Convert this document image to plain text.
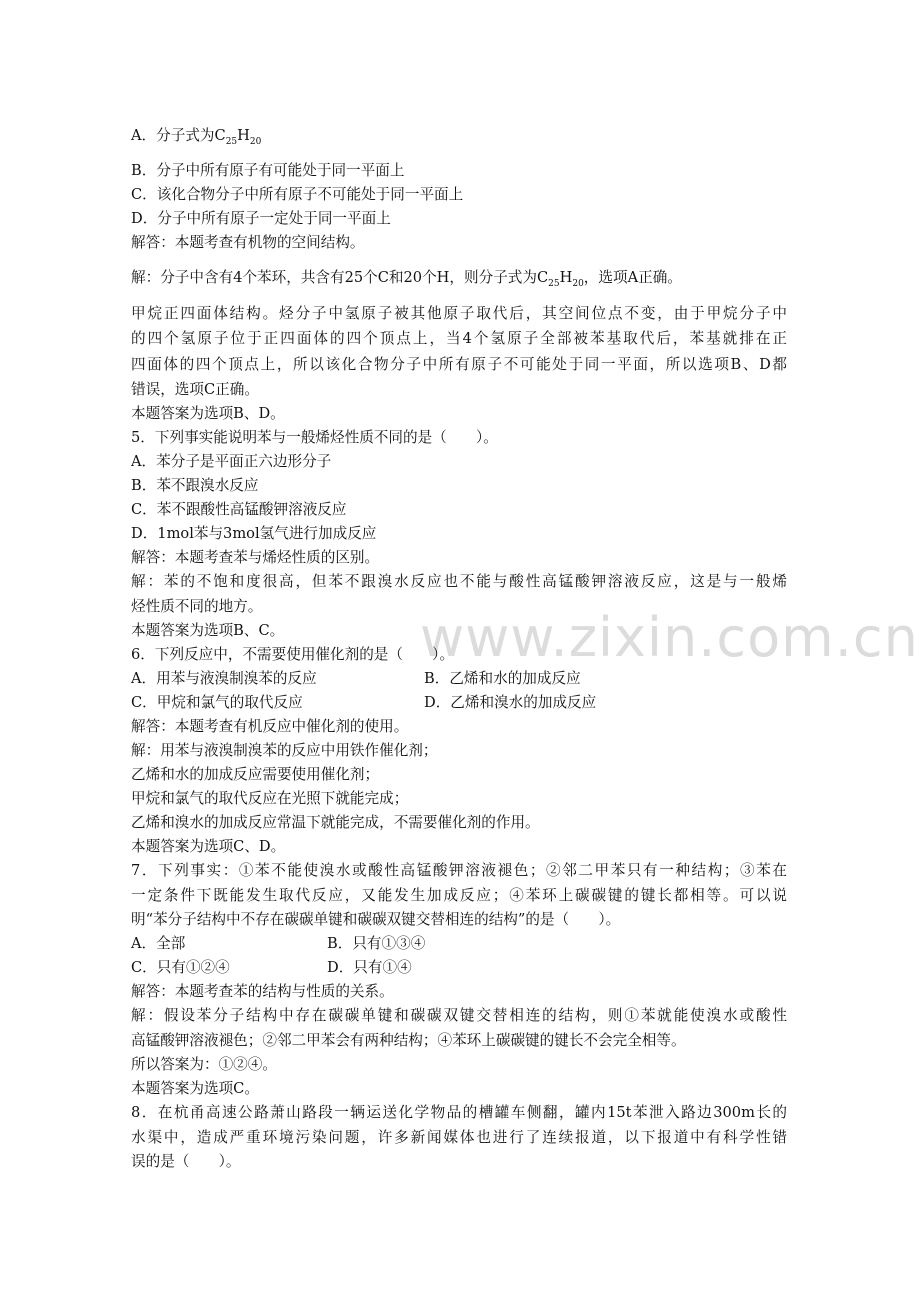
www.zixin.com.cn
A．分子式为$C_{25}H_{20}$
B．分子中所有原子有可能处于同一平面上
C．该化合物分子中所有原子不可能处于同一平面上
D．分子中所有原子一定处于同一平面上
解答：本题考查有机物的空间结构。
解：分子中含有4个苯环，共含有25个C和20个H，则分子式为$C_{25}H_{20}$，选项A正确。
甲烷正四面体结构。烃分子中氢原子被其他原子取代后，其空间位点不变，由于甲烷分子中
的四个氢原子位于正四面体的四个顶点上，当4个氢原子全部被苯基取代后，苯基就排在正
四面体的四个顶点上，所以该化合物分子中所有原子不可能处于同一平面，所以选项B、D都
错误，选项C正确。
本题答案为选项B、D。
5．下列事实能说明苯与一般烯烃性质不同的是（　　）。
A．苯分子是平面正六边形分子
B．苯不跟溴水反应
C．苯不跟酸性高锰酸钾溶液反应
D．1mol苯与3mol氢气进行加成反应
解答：本题考查苯与烯烃性质的区别。
解：苯的不饱和度很高，但苯不跟溴水反应也不能与酸性高锰酸钾溶液反应，这是与一般烯
烃性质不同的地方。
本题答案为选项B、C。
6．下列反应中，不需要使用催化剂的是（　　）。
A．用苯与液溴制溴苯的反应	B．乙烯和水的加成反应
C．甲烷和氯气的取代反应	D．乙烯和溴水的加成反应
解答：本题考查有机反应中催化剂的使用。
解：用苯与液溴制溴苯的反应中用铁作催化剂；
乙烯和水的加成反应需要使用催化剂；
甲烷和氯气的取代反应在光照下就能完成；
乙烯和溴水的加成反应常温下就能完成，不需要催化剂的作用。
本题答案为选项C、D。
7．下列事实：①苯不能使溴水或酸性高锰酸钾溶液褪色；②邻二甲苯只有一种结构；③苯在
一定条件下既能发生取代反应，又能发生加成反应；④苯环上碳碳键的键长都相等。可以说
明“苯分子结构中不存在碳碳单键和碳碳双键交替相连的结构”的是（　　）。
A．全部	B．只有①③④
C．只有①②④	D．只有①④
解答：本题考查苯的结构与性质的关系。
解：假设苯分子结构中存在碳碳单键和碳碳双键交替相连的结构，则①苯就能使溴水或酸性
高锰酸钾溶液褪色；②邻二甲苯会有两种结构；④苯环上碳碳键的键长不会完全相等。
所以答案为：①②④。
本题答案为选项C。
8．在杭甬高速公路萧山路段一辆运送化学物品的槽罐车侧翻，罐内15t苯泄入路边300m长的
水渠中，造成严重环境污染问题，许多新闻媒体也进行了连续报道，以下报道中有科学性错
误的是（　　）。
